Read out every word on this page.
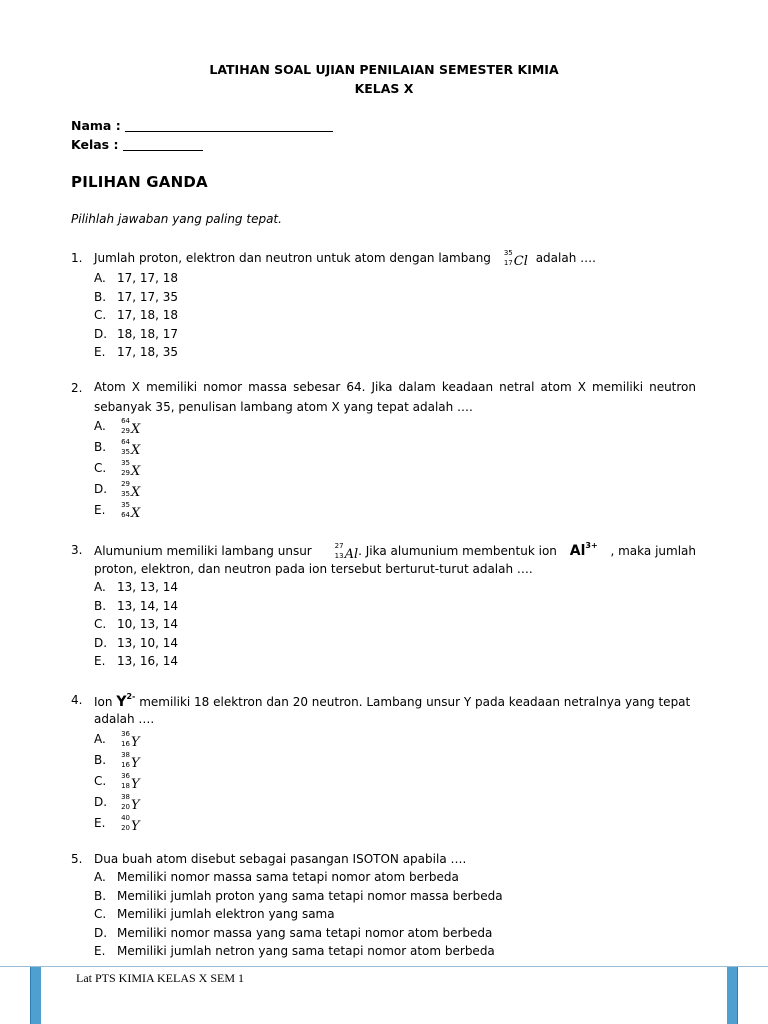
LATIHAN SOAL UJIAN PENILAIAN SEMESTER KIMIA
KELAS X
Nama :
Kelas :
PILIHAN GANDA
Pilihlah jawaban yang paling tepat.
1. Jumlah proton, elektron dan neutron untuk atom dengan lambang	35
17 Cl adalah ….
A. 17, 17, 18
B. 17, 17, 35
C. 17, 18, 18
D. 18, 18, 17
E. 17, 18, 35
2. Atom X memiliki nomor massa sebesar 64. Jika dalam keadaan netral atom X memiliki neutron sebanyak 35, penulisan lambang atom X yang tepat adalah ….
A.	64
29 X
B.	64
35 X
C.	35
29 X
D.	29
35 X
E.	35
64 X
3. Alumunium memiliki lambang unsur	27
13 Al. Jika alumunium membentuk ion $Al^{3+}$ , maka jumlah
proton, elektron, dan neutron pada ion tersebut berturut-turut adalah ….
A. 13, 13, 14
B. 13, 14, 14
C. 10, 13, 14
D. 13, 10, 14
E. 13, 16, 14
4. Ion $Y^{2-}$ memiliki 18 elektron dan 20 neutron. Lambang unsur Y pada keadaan netralnya yang tepat
adalah ….
A.	36
16 Y
B.	38
16 Y
C.	36
18 Y
D.	38
20 Y
E.	40
20 Y
5. Dua buah atom disebut sebagai pasangan ISOTON apabila ….
A. Memiliki nomor massa sama tetapi nomor atom berbeda
B. Memiliki jumlah proton yang sama tetapi nomor massa berbeda
C. Memiliki jumlah elektron yang sama
D. Memiliki nomor massa yang sama tetapi nomor atom berbeda
E. Memiliki jumlah netron yang sama tetapi nomor atom berbeda
Lat PTS KIMIA KELAS X SEM 1
